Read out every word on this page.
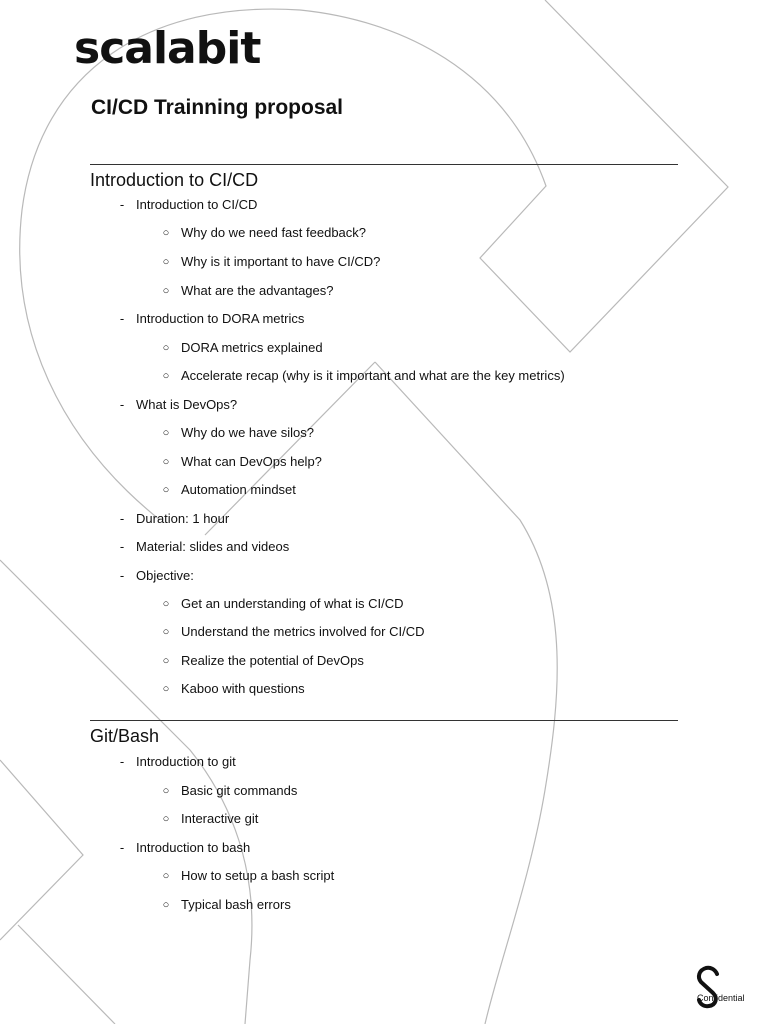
scalabit
CI/CD Trainning proposal
Introduction to CI/CD
- Introduction to CI/CD
○ Why do we need fast feedback?
○ Why is it important to have CI/CD?
○ What are the advantages?
- Introduction to DORA metrics
○ DORA metrics explained
○ Accelerate recap (why is it important and what are the key metrics)
- What is DevOps?
○ Why do we have silos?
○ What can DevOps help?
○ Automation mindset
- Duration: 1 hour
- Material: slides and videos
- Objective:
○ Get an understanding of what is CI/CD
○ Understand the metrics involved for CI/CD
○ Realize the potential of DevOps
○ Kaboo with questions
Git/Bash
- Introduction to git
○ Basic git commands
○ Interactive git
- Introduction to bash
○ How to setup a bash script
○ Typical bash errors
Confidential
